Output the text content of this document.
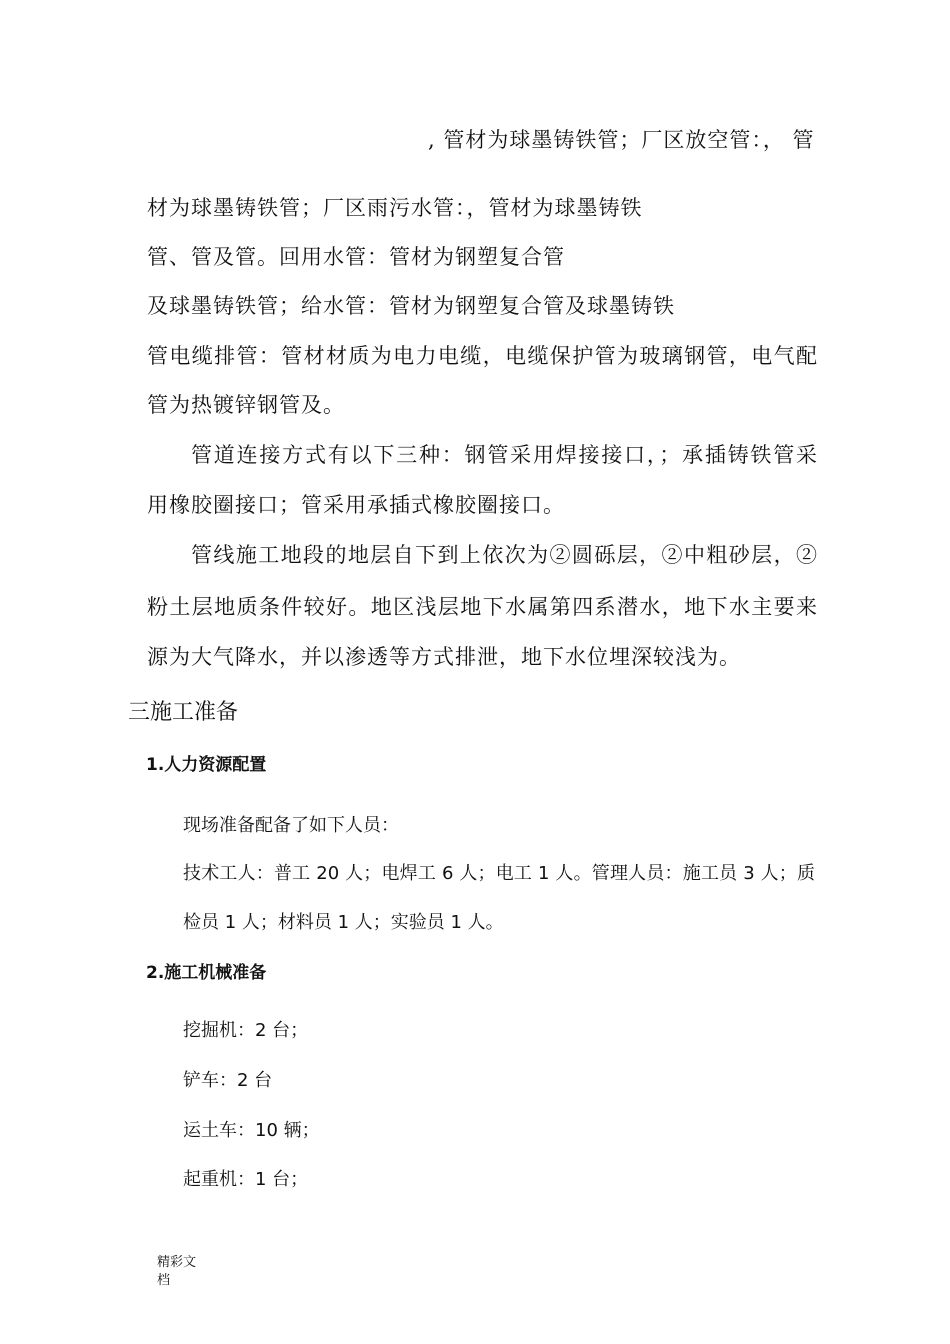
, 管材为球墨铸铁管；厂区放空管：， 管
材为球墨铸铁管；厂区雨污水管：，管材为球墨铸铁
管、管及管。回用水管：管材为钢塑复合管
及球墨铸铁管；给水管：管材为钢塑复合管及球墨铸铁
管电缆排管：管材材质为电力电缆，电缆保护管为玻璃钢管，电气配
管为热镀锌钢管及。
管道连接方式有以下三种：钢管采用焊接接口，；承插铸铁管采
用橡胶圈接口；管采用承插式橡胶圈接口。
管线施工地段的地层自下到上依次为②圆砾层，②中粗砂层，②
粉土层地质条件较好。地区浅层地下水属第四系潜水，地下水主要来
源为大气降水，并以渗透等方式排泄，地下水位埋深较浅为。
三施工准备
1.人力资源配置
现场准备配备了如下人员：
技术工人：普工 20 人；电焊工 6 人；电工 1 人。管理人员：施工员 3 人；质
检员 1 人；材料员 1 人；实验员 1 人。
2.施工机械准备
挖掘机：2 台；
铲车：2 台
运土车：10 辆；
起重机：1 台；
精彩文档
